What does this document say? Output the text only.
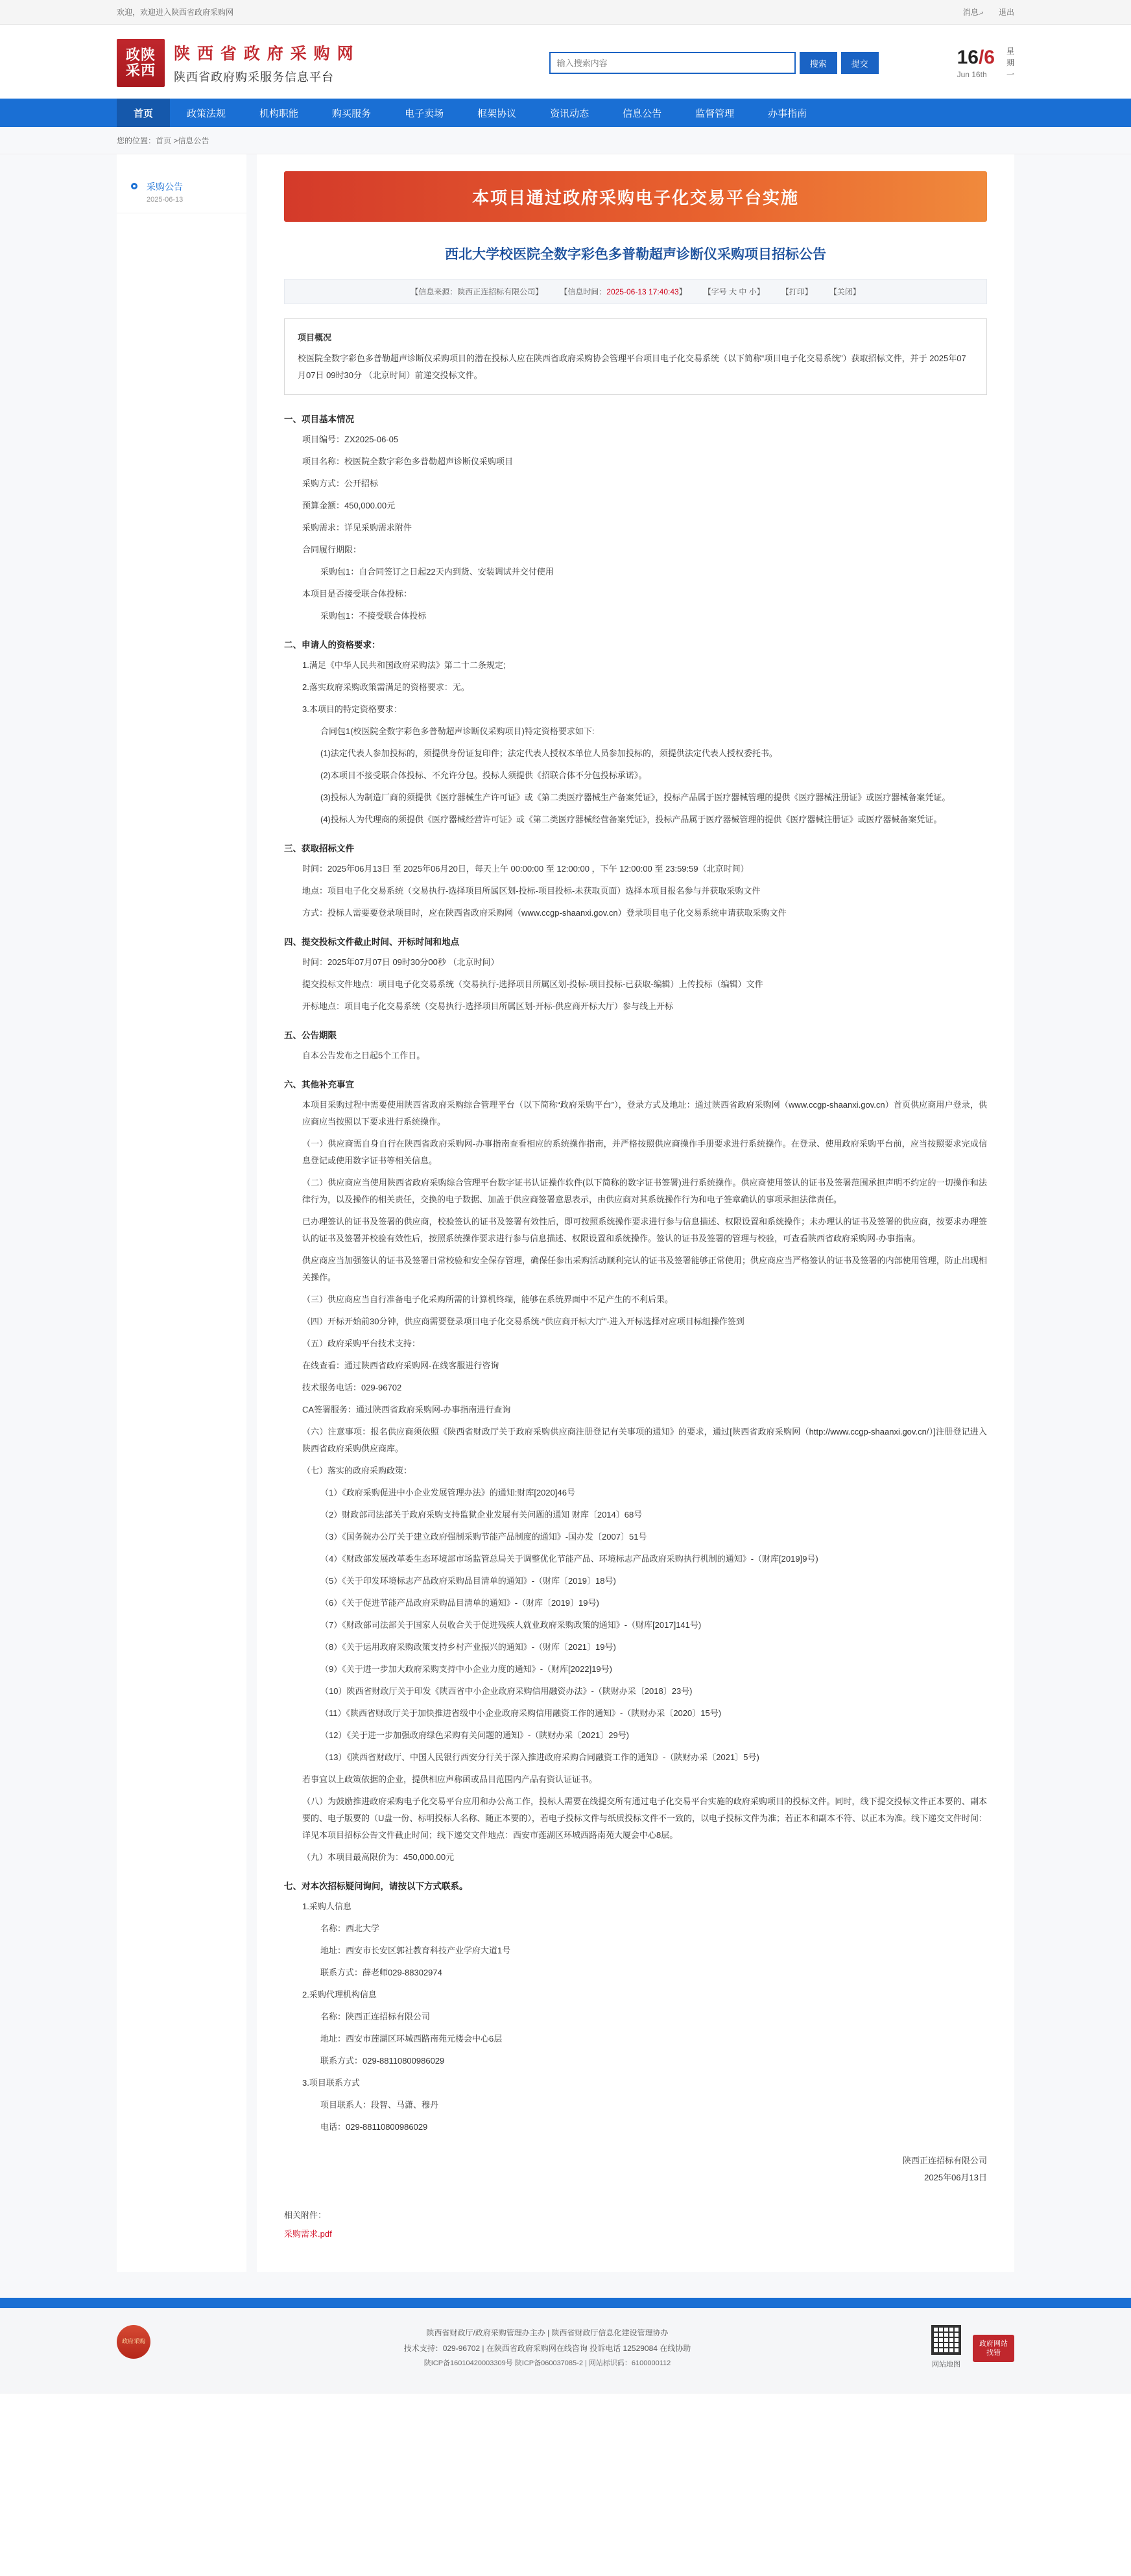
欢迎，欢迎进入陕西省政府采购网	消息ދ 退出
政陕
采西
陕 西 省 政 府 采 购 网
陕西省政府购采服务信息平台
输入搜索内容
搜索	提交	16/6
Jun 16th
星
期
一
首页	政策法规	机构职能	购买服务	电子卖场	框架协议	资讯动态	信息公告	监督管理	办事指南
您的位置：首页 >信息公告
采购公告
2025-06-13	本项目通过政府采购电子化交易平台实施
西北大学校医院全数字彩色多普勒超声诊断仪采购项目招标公告
【信息来源：陕西正连招标有限公司】 【信息时间：2025-06-13 17:40:43】 【字号 大 中 小】 【打印】 【关闭】
项目概况
校医院全数字彩色多普勒超声诊断仪采购项目的潜在投标人应在陕西省政府采购协会管理平台项目电子化交易系统（以下简称“项目电子化交易系统”）获取招标文件，并于 2025年07月07日 09时30分 （北京时间）前递交投标文件。
一、项目基本情况

项目编号：ZX2025-06-05

项目名称：校医院全数字彩色多普勒超声诊断仪采购项目

采购方式：公开招标

预算金额：450,000.00元

采购需求：详见采购需求附件

合同履行期限：

采购包1：自合同签订之日起22天内到货、安装调试并交付使用

本项目是否接受联合体投标：

采购包1：不接受联合体投标

二、申请人的资格要求：

1.满足《中华人民共和国政府采购法》第二十二条规定;

2.落实政府采购政策需满足的资格要求：无。

3.本项目的特定资格要求：

合同包1(校医院全数字彩色多普勒超声诊断仪采购项目)特定资格要求如下:

(1)法定代表人参加投标的，须提供身份证复印件；法定代表人授权本单位人员参加投标的，须提供法定代表人授权委托书。

(2)本项目不接受联合体投标、不允许分包。投标人须提供《招联合体不分包投标承诺》。

(3)投标人为制造厂商的须提供《医疗器械生产许可证》或《第二类医疗器械生产备案凭证》，投标产品属于医疗器械管理的提供《医疗器械注册证》或医疗器械备案凭证。

(4)投标人为代理商的须提供《医疗器械经营许可证》或《第二类医疗器械经营备案凭证》，投标产品属于医疗器械管理的提供《医疗器械注册证》或医疗器械备案凭证。

三、获取招标文件

时间：2025年06月13日 至 2025年06月20日，每天上午 00:00:00 至 12:00:00 ，下午 12:00:00 至 23:59:59（北京时间）

地点：项目电子化交易系统（交易执行-选择项目所属区划-投标-项目投标-未获取页面）选择本项目报名参与并获取采购文件

方式：投标人需要要登录项目时，应在陕西省政府采购网（www.ccgp-shaanxi.gov.cn）登录项目电子化交易系统申请获取采购文件

四、提交投标文件截止时间、开标时间和地点

时间：2025年07月07日 09时30分00秒 （北京时间）

提交投标文件地点：项目电子化交易系统（交易执行-选择项目所属区划-投标-项目投标-已获取-编辑）上传投标（编辑）文件

开标地点：项目电子化交易系统（交易执行-选择项目所属区划-开标-供应商开标大厅）参与线上开标

五、公告期限

自本公告发布之日起5个工作日。

六、其他补充事宜

本项目采购过程中需要使用陕西省政府采购综合管理平台（以下简称“政府采购平台”），登录方式及地址：通过陕西省政府采购网（www.ccgp-shaanxi.gov.cn）首页供应商用户登录，供应商应当按照以下要求进行系统操作。

（一）供应商需自身自行在陕西省政府采购网-办事指南查看相应的系统操作指南，并严格按照供应商操作手册要求进行系统操作。在登录、使用政府采购平台前，应当按照要求完成信息登记或使用数字证书等相关信息。

（二）供应商应当使用陕西省政府采购综合管理平台数字证书认证操作软件(以下简称的数字证书签署)进行系统操作。供应商使用签认的证书及签署范围承担声明不约定的一切操作和法律行为，以及操作的相关责任，交换的电子数据、加盖于供应商签署意思表示，由供应商对其系统操作行为和电子签章确认的事项承担法律责任。

已办理签认的证书及签署的供应商，校验签认的证书及签署有效性后，即可按照系统操作要求进行参与信息描述、权限设置和系统操作；未办理认的证书及签署的供应商，按要求办理签认的证书及签署并校验有效性后，按照系统操作要求进行参与信息描述、权限设置和系统操作。签认的证书及签署的管理与校验，可查看陕西省政府采购网-办事指南。

供应商应当加强签认的证书及签署日常校验和安全保存管理，确保任参出采购活动顺利完认的证书及签署能够正常使用；供应商应当严格签认的证书及签署的内部使用管理，防止出现相关操作。

（三）供应商应当自行准备电子化采购所需的计算机终端，能够在系统界面中不足产生的不利后果。

（四）开标开始前30分钟，供应商需要登录项目电子化交易系统-“供应商开标大厅”-进入开标选择对应项目标组操作签到

（五）政府采购平台技术支持：

在线查看：通过陕西省政府采购网-在线客服进行咨询

技术服务电话：029-96702

CA签署服务：通过陕西省政府采购网-办事指南进行查询

（六）注意事项：报名供应商须依照《陕西省财政厅关于政府采购供应商注册登记有关事项的通知》的要求，通过[陕西省政府采购网（http://www.ccgp-shaanxi.gov.cn/）]注册登记进入陕西省政府采购供应商库。

（七）落实的政府采购政策：

（1）《政府采购促进中小企业发展管理办法》的通知:财库[2020]46号

（2）财政部司法部关于政府采购支持监狱企业发展有关问题的通知 财库〔2014〕68号

（3）《国务院办公厅关于建立政府强制采购节能产品制度的通知》-国办发〔2007〕51号

（4）《财政部发展改革委生态环境部市场监管总局关于调整优化节能产品、环境标志产品政府采购执行机制的通知》-（财库[2019]9号)

（5）《关于印发环境标志产品政府采购品目清单的通知》-（财库〔2019〕18号)

（6）《关于促进节能产品政府采购品目清单的通知》-（财库〔2019〕19号)

（7）《财政部司法部关于国家人员收合关于促进残疾人就业政府采购政策的通知》-（财库[2017]141号)

（8）《关于运用政府采购政策支持乡村产业振兴的通知》-（财库〔2021〕19号)

（9）《关于进一步加大政府采购支持中小企业力度的通知》-（财库[2022]19号)

（10）陕西省财政厅关于印发《陕西省中小企业政府采购信用融资办法》-（陕财办采〔2018〕23号)

（11）《陕西省财政厅关于加快推进省级中小企业政府采购信用融资工作的通知》-（陕财办采〔2020〕15号)

（12）《关于进一步加强政府绿色采购有关问题的通知》-（陕财办采〔2021〕29号)

（13）《陕西省财政厅、中国人民银行西安分行关于深入推进政府采购合同融资工作的通知》-（陕财办采〔2021〕5号)

若事宜以上政策依据的企业，提供相应声称函或品目范围内产品有资认证证书。

（八）为鼓励推进政府采购电子化交易平台应用和办公高工作，投标人需要在线提交所有通过电子化交易平台实施的政府采购项目的投标文件。同时，线下提交投标文件正本要的、副本要的、电子版要的（U盘一份、标明投标人名称、随正本要的），若电子投标文件与纸质投标文件不一致的，以电子投标文件为准；若正本和副本不符、以正本为准。线下递交文件时间：详见本项目招标公告文件截止时间；线下递交文件地点：西安市莲湖区环城西路南苑大厦会中心8层。

（九）本项目最高限价为：450,000.00元

七、对本次招标疑问询问，请按以下方式联系。

1.采购人信息

名称：西北大学

地址：西安市长安区郭社教育科技产业学府大道1号

联系方式：薛老师029-88302974

2.采购代理机构信息

名称：陕西正连招标有限公司

地址：西安市莲湖区环城西路南苑元楼会中心6层

联系方式：029-88110800986029

3.项目联系方式

项目联系人：段智、马潇、穆丹

电话：029-88110800986029

陕西正连招标有限公司
2025年06月13日
相关附件：
采购需求.pdf
政府采购
陕西省财政厅/政府采购管理办主办 | 陕西省财政厅信息化建设管理协办
技术支持：029-96702 | 在陕西省政府采购网在线咨询 投诉电话 12529084 在线协助
陕ICP备16010420003309号 陕ICP备060037085-2 | 网站标识码：6100000112	网站地图
政府网站
找错
